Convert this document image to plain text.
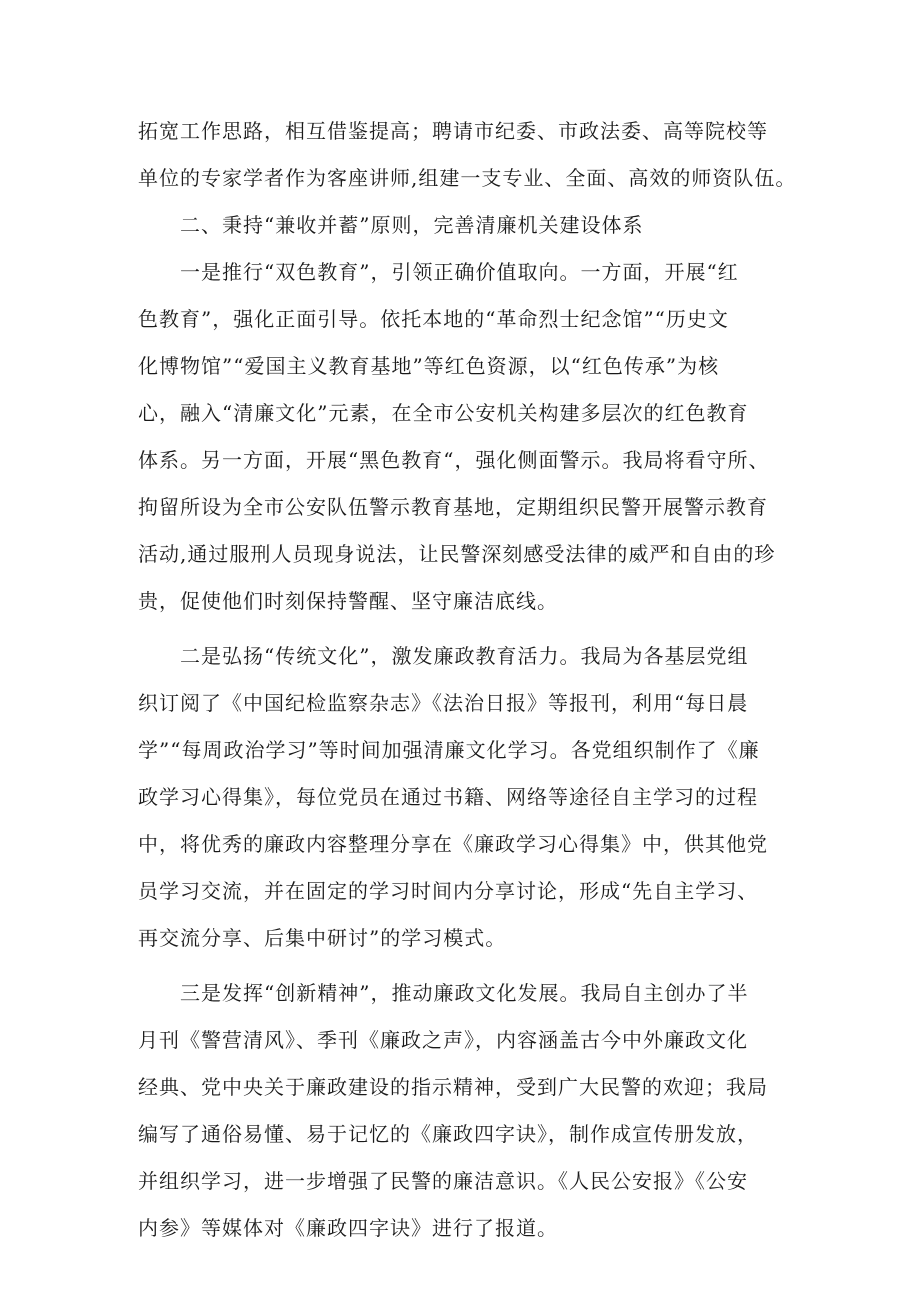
拓宽工作思路，相互借鉴提高；聘请市纪委、市政法委、高等院校等
单位的专家学者作为客座讲师,组建一支专业、全面、高效的师资队伍。
　　二、秉持“兼收并蓄”原则，完善清廉机关建设体系
　　一是推行“双色教育”，引领正确价值取向。一方面，开展“红
色教育”，强化正面引导。依托本地的“革命烈士纪念馆”“历史文
化博物馆”“爱国主义教育基地”等红色资源，以“红色传承”为核
心，融入“清廉文化”元素，在全市公安机关构建多层次的红色教育
体系。另一方面，开展“黑色教育“，强化侧面警示。我局将看守所、
拘留所设为全市公安队伍警示教育基地，定期组织民警开展警示教育
活动,通过服刑人员现身说法，让民警深刻感受法律的威严和自由的珍
贵，促使他们时刻保持警醒、坚守廉洁底线。
　　二是弘扬“传统文化”，激发廉政教育活力。我局为各基层党组
织订阅了《中国纪检监察杂志》《法治日报》等报刊，利用“每日晨
学”“每周政治学习”等时间加强清廉文化学习。各党组织制作了《廉
政学习心得集》，每位党员在通过书籍、网络等途径自主学习的过程
中，将优秀的廉政内容整理分享在《廉政学习心得集》中，供其他党
员学习交流，并在固定的学习时间内分享讨论，形成“先自主学习、
再交流分享、后集中研讨”的学习模式。
　　三是发挥“创新精神”，推动廉政文化发展。我局自主创办了半
月刊《警营清风》、季刊《廉政之声》，内容涵盖古今中外廉政文化
经典、党中央关于廉政建设的指示精神，受到广大民警的欢迎；我局
编写了通俗易懂、易于记忆的《廉政四字诀》，制作成宣传册发放，
并组织学习，进一步增强了民警的廉洁意识。《人民公安报》《公安
内参》等媒体对《廉政四字诀》进行了报道。
